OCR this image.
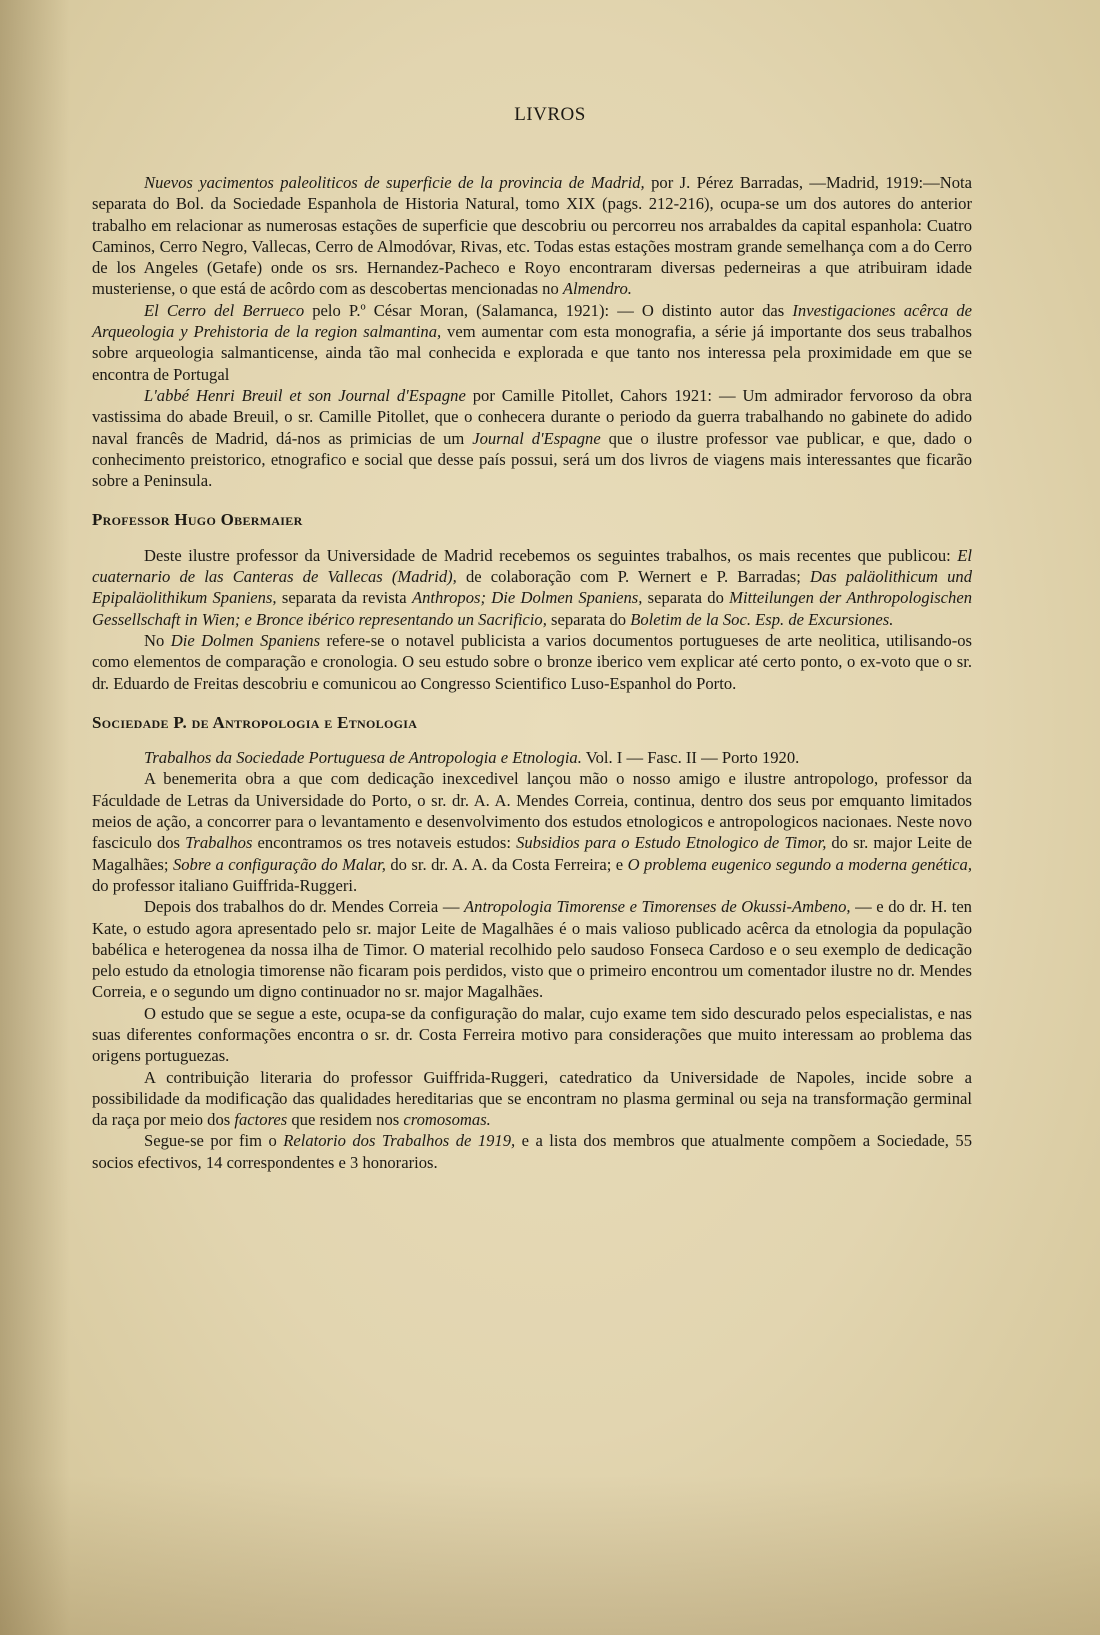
LIVROS

Nuevos yacimentos paleoliticos de superficie de la provincia de Madrid, por J. Pérez Barradas, —Madrid, 1919:—Nota separata do Bol. da Sociedade Espanhola de Historia Natural, tomo XIX (pags. 212-216), ocupa-se um dos autores do anterior trabalho em relacionar as numerosas estações de superficie que descobriu ou percorreu nos arrabaldes da capital espanhola: Cuatro Caminos, Cerro Negro, Vallecas, Cerro de Almodóvar, Rivas, etc. Todas estas estações mostram grande semelhança com a do Cerro de los Angeles (Getafe) onde os srs. Hernandez-Pacheco e Royo encontraram diversas pederneiras a que atribuiram idade musteriense, o que está de acôrdo com as descobertas mencionadas no Almendro.

El Cerro del Berrueco pelo P.º César Moran, (Salamanca, 1921): — O distinto autor das Investigaciones acêrca de Arqueologia y Prehistoria de la region salmantina, vem aumentar com esta monografia, a série já importante dos seus trabalhos sobre arqueologia salmanticense, ainda tão mal conhecida e explorada e que tanto nos interessa pela proximidade em que se encontra de Portugal

L'abbé Henri Breuil et son Journal d'Espagne por Camille Pitollet, Cahors 1921: — Um admirador fervoroso da obra vastissima do abade Breuil, o sr. Camille Pitollet, que o conhecera durante o periodo da guerra trabalhando no gabinete do adido naval francês de Madrid, dá-nos as primicias de um Journal d'Espagne que o ilustre professor vae publicar, e que, dado o conhecimento preistorico, etnografico e social que desse país possui, será um dos livros de viagens mais interessantes que ficarão sobre a Peninsula.

Professor Hugo Obermaier

Deste ilustre professor da Universidade de Madrid recebemos os seguintes trabalhos, os mais recentes que publicou: El cuaternario de las Canteras de Vallecas (Madrid), de colaboração com P. Wernert e P. Barradas; Das paläolithicum und Epipaläolithikum Spaniens, separata da revista Anthropos; Die Dolmen Spaniens, separata do Mitteilungen der Anthropologischen Gessellschaft in Wien; e Bronce ibérico representando un Sacrificio, separata do Boletim de la Soc. Esp. de Excursiones.

No Die Dolmen Spaniens refere-se o notavel publicista a varios documentos portugueses de arte neolitica, utilisando-os como elementos de comparação e cronologia. O seu estudo sobre o bronze iberico vem explicar até certo ponto, o ex-voto que o sr. dr. Eduardo de Freitas descobriu e comunicou ao Congresso Scientifico Luso-Espanhol do Porto.

Sociedade P. de Antropologia e Etnologia

Trabalhos da Sociedade Portuguesa de Antropologia e Etnologia. Vol. I — Fasc. II — Porto 1920.

A benemerita obra a que com dedicação inexcedivel lançou mão o nosso amigo e ilustre antropologo, professor da Fáculdade de Letras da Universidade do Porto, o sr. dr. A. A. Mendes Correia, continua, dentro dos seus por emquanto limitados meios de ação, a concorrer para o levantamento e desenvolvimento dos estudos etnologicos e antropologicos nacionaes. Neste novo fasciculo dos Trabalhos encontramos os tres notaveis estudos: Subsidios para o Estudo Etnologico de Timor, do sr. major Leite de Magalhães; Sobre a configuração do Malar, do sr. dr. A. A. da Costa Ferreira; e O problema eugenico segundo a moderna genética, do professor italiano Guiffrida-Ruggeri.

Depois dos trabalhos do dr. Mendes Correia — Antropologia Timorense e Timorenses de Okussi-Ambeno, — e do dr. H. ten Kate, o estudo agora apresentado pelo sr. major Leite de Magalhães é o mais valioso publicado acêrca da etnologia da população babélica e heterogenea da nossa ilha de Timor. O material recolhido pelo saudoso Fonseca Cardoso e o seu exemplo de dedicação pelo estudo da etnologia timorense não ficaram pois perdidos, visto que o primeiro encontrou um comentador ilustre no dr. Mendes Correia, e o segundo um digno continuador no sr. major Magalhães.

O estudo que se segue a este, ocupa-se da configuração do malar, cujo exame tem sido descurado pelos especialistas, e nas suas diferentes conformações encontra o sr. dr. Costa Ferreira motivo para considerações que muito interessam ao problema das origens portuguezas.

A contribuição literaria do professor Guiffrida-Ruggeri, catedratico da Universidade de Napoles, incide sobre a possibilidade da modificação das qualidades hereditarias que se encontram no plasma germinal ou seja na transformação germinal da raça por meio dos factores que residem nos cromosomas.

Segue-se por fim o Relatorio dos Trabalhos de 1919, e a lista dos membros que atualmente compõem a Sociedade, 55 socios efectivos, 14 correspondentes e 3 honorarios.
